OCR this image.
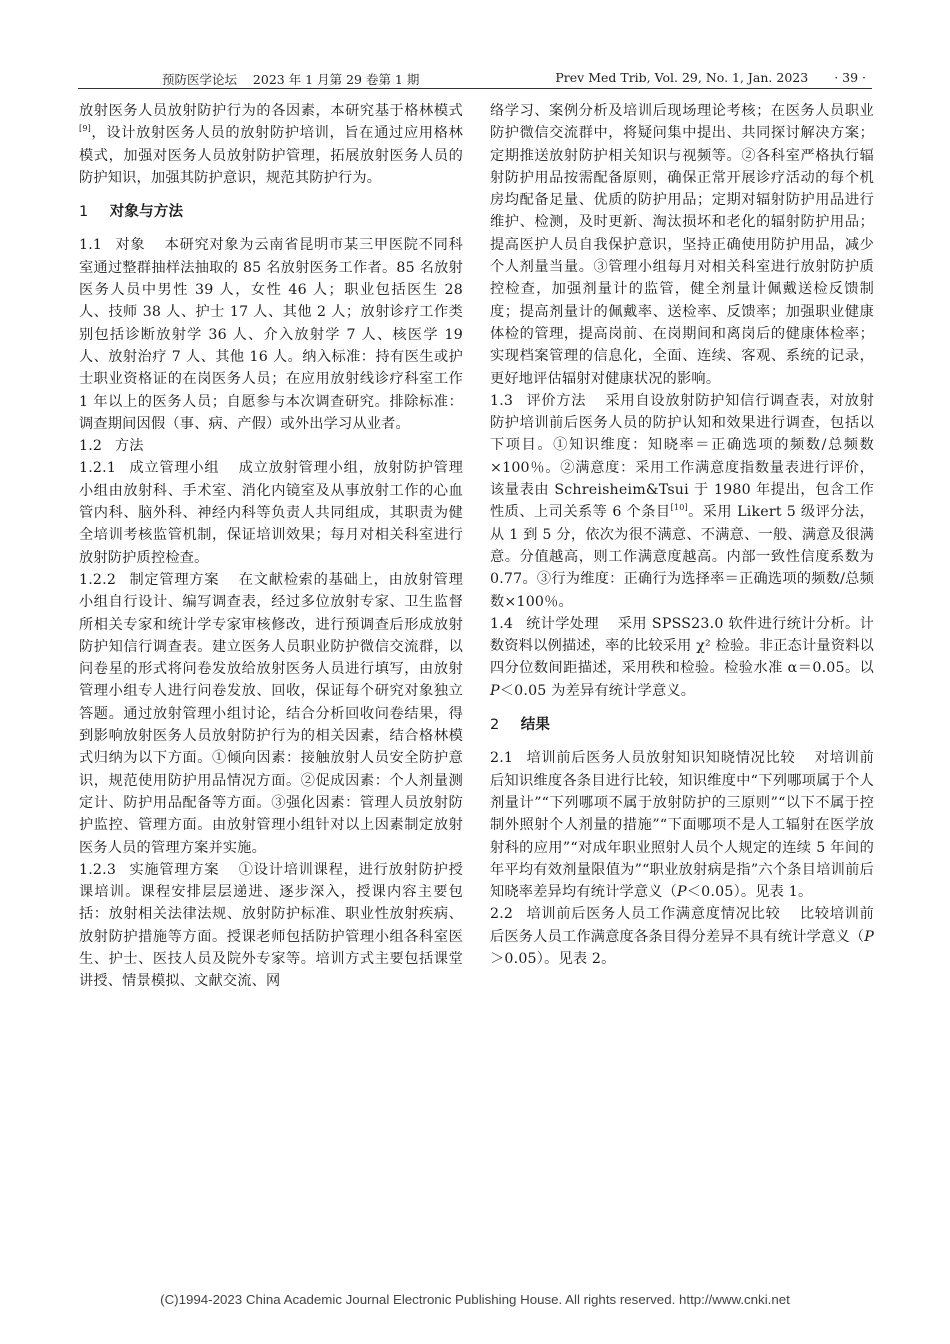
预防医学论坛 2023 年 1 月第 29 卷第 1 期	Prev Med Trib, Vol. 29, No. 1, Jan. 2023 · 39 ·

放射医务人员放射防护行为的各因素，本研究基于格林模式[9]，设计放射医务人员的放射防护培训，旨在通过应用格林模式，加强对医务人员放射防护管理，拓展放射医务人员的防护知识，加强其防护意识，规范其防护行为。

1 对象与方法

1.1 对象 本研究对象为云南省昆明市某三甲医院不同科室通过整群抽样法抽取的 85 名放射医务工作者。85 名放射医务人员中男性 39 人，女性 46 人；职业包括医生 28 人、技师 38 人、护士 17 人、其他 2 人；放射诊疗工作类别包括诊断放射学 36 人、介入放射学 7 人、核医学 19 人、放射治疗 7 人、其他 16 人。纳入标准：持有医生或护士职业资格证的在岗医务人员；在应用放射线诊疗科室工作 1 年以上的医务人员；自愿参与本次调查研究。排除标准：调查期间因假（事、病、产假）或外出学习从业者。

1.2 方法

1.2.1 成立管理小组 成立放射管理小组，放射防护管理小组由放射科、手术室、消化内镜室及从事放射工作的心血管内科、脑外科、神经内科等负责人共同组成，其职责为健全培训考核监管机制，保证培训效果；每月对相关科室进行放射防护质控检查。

1.2.2 制定管理方案 在文献检索的基础上，由放射管理小组自行设计、编写调查表，经过多位放射专家、卫生监督所相关专家和统计学专家审核修改，进行预调查后形成放射防护知信行调查表。建立医务人员职业防护微信交流群，以问卷星的形式将问卷发放给放射医务人员进行填写，由放射管理小组专人进行问卷发放、回收，保证每个研究对象独立答题。通过放射管理小组讨论，结合分析回收问卷结果，得到影响放射医务人员放射防护行为的相关因素，结合格林模式归纳为以下方面。①倾向因素：接触放射人员安全防护意识，规范使用防护用品情况方面。②促成因素：个人剂量测定计、防护用品配备等方面。③强化因素：管理人员放射防护监控、管理方面。由放射管理小组针对以上因素制定放射医务人员的管理方案并实施。

1.2.3 实施管理方案 ①设计培训课程，进行放射防护授课培训。课程安排层层递进、逐步深入，授课内容主要包括：放射相关法律法规、放射防护标准、职业性放射疾病、放射防护措施等方面。授课老师包括防护管理小组各科室医生、护士、医技人员及院外专家等。培训方式主要包括课堂讲授、情景模拟、文献交流、网

络学习、案例分析及培训后现场理论考核；在医务人员职业防护微信交流群中，将疑问集中提出、共同探讨解决方案；定期推送放射防护相关知识与视频等。②各科室严格执行辐射防护用品按需配备原则，确保正常开展诊疗活动的每个机房均配备足量、优质的防护用品；定期对辐射防护用品进行维护、检测，及时更新、淘汰损坏和老化的辐射防护用品；提高医护人员自我保护意识，坚持正确使用防护用品，减少个人剂量当量。③管理小组每月对相关科室进行放射防护质控检查，加强剂量计的监管，健全剂量计佩戴送检反馈制度；提高剂量计的佩戴率、送检率、反馈率；加强职业健康体检的管理，提高岗前、在岗期间和离岗后的健康体检率；实现档案管理的信息化，全面、连续、客观、系统的记录，更好地评估辐射对健康状况的影响。

1.3 评价方法 采用自设放射防护知信行调查表，对放射防护培训前后医务人员的防护认知和效果进行调查，包括以下项目。①知识维度：知晓率＝正确选项的频数/总频数×100％。②满意度：采用工作满意度指数量表进行评价，该量表由 Schreisheim&Tsui 于 1980 年提出，包含工作性质、上司关系等 6 个条目[10]。采用 Likert 5 级评分法，从 1 到 5 分，依次为很不满意、不满意、一般、满意及很满意。分值越高，则工作满意度越高。内部一致性信度系数为 0.77。③行为维度：正确行为选择率＝正确选项的频数/总频数×100％。

1.4 统计学处理 采用 SPSS23.0 软件进行统计分析。计数资料以例描述，率的比较采用 χ² 检验。非正态计量资料以四分位数间距描述，采用秩和检验。检验水准 α＝0.05。以 P＜0.05 为差异有统计学意义。

2 结果

2.1 培训前后医务人员放射知识知晓情况比较 对培训前后知识维度各条目进行比较，知识维度中“下列哪项属于个人剂量计”“下列哪项不属于放射防护的三原则”“以下不属于控制外照射个人剂量的措施”“下面哪项不是人工辐射在医学放射科的应用”“对成年职业照射人员个人规定的连续 5 年间的年平均有效剂量限值为”“职业放射病是指”六个条目培训前后知晓率差异均有统计学意义（P＜0.05）。见表 1。

2.2 培训前后医务人员工作满意度情况比较 比较培训前后医务人员工作满意度各条目得分差异不具有统计学意义（P＞0.05）。见表 2。

(C)1994-2023 China Academic Journal Electronic Publishing House. All rights reserved. http://www.cnki.net
